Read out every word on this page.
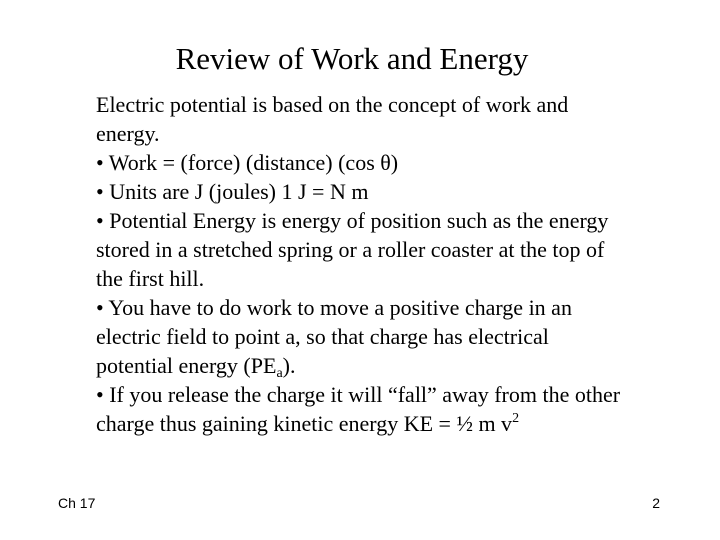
Review of Work and Energy
Electric potential is based on the concept of work and
energy.
• Work = (force) (distance) (cos θ)
• Units are J (joules) 1 J = N m
• Potential Energy is energy of position such as the energy
stored in a stretched spring or a roller coaster at the top of
the first hill.
• You have to do work to move a positive charge in an
electric field to point a, so that charge has electrical
potential energy $(PE_a)$.
• If you release the charge it will “fall” away from the other
charge thus gaining kinetic energy KE = ½ m $v^2$
Ch 17	2
